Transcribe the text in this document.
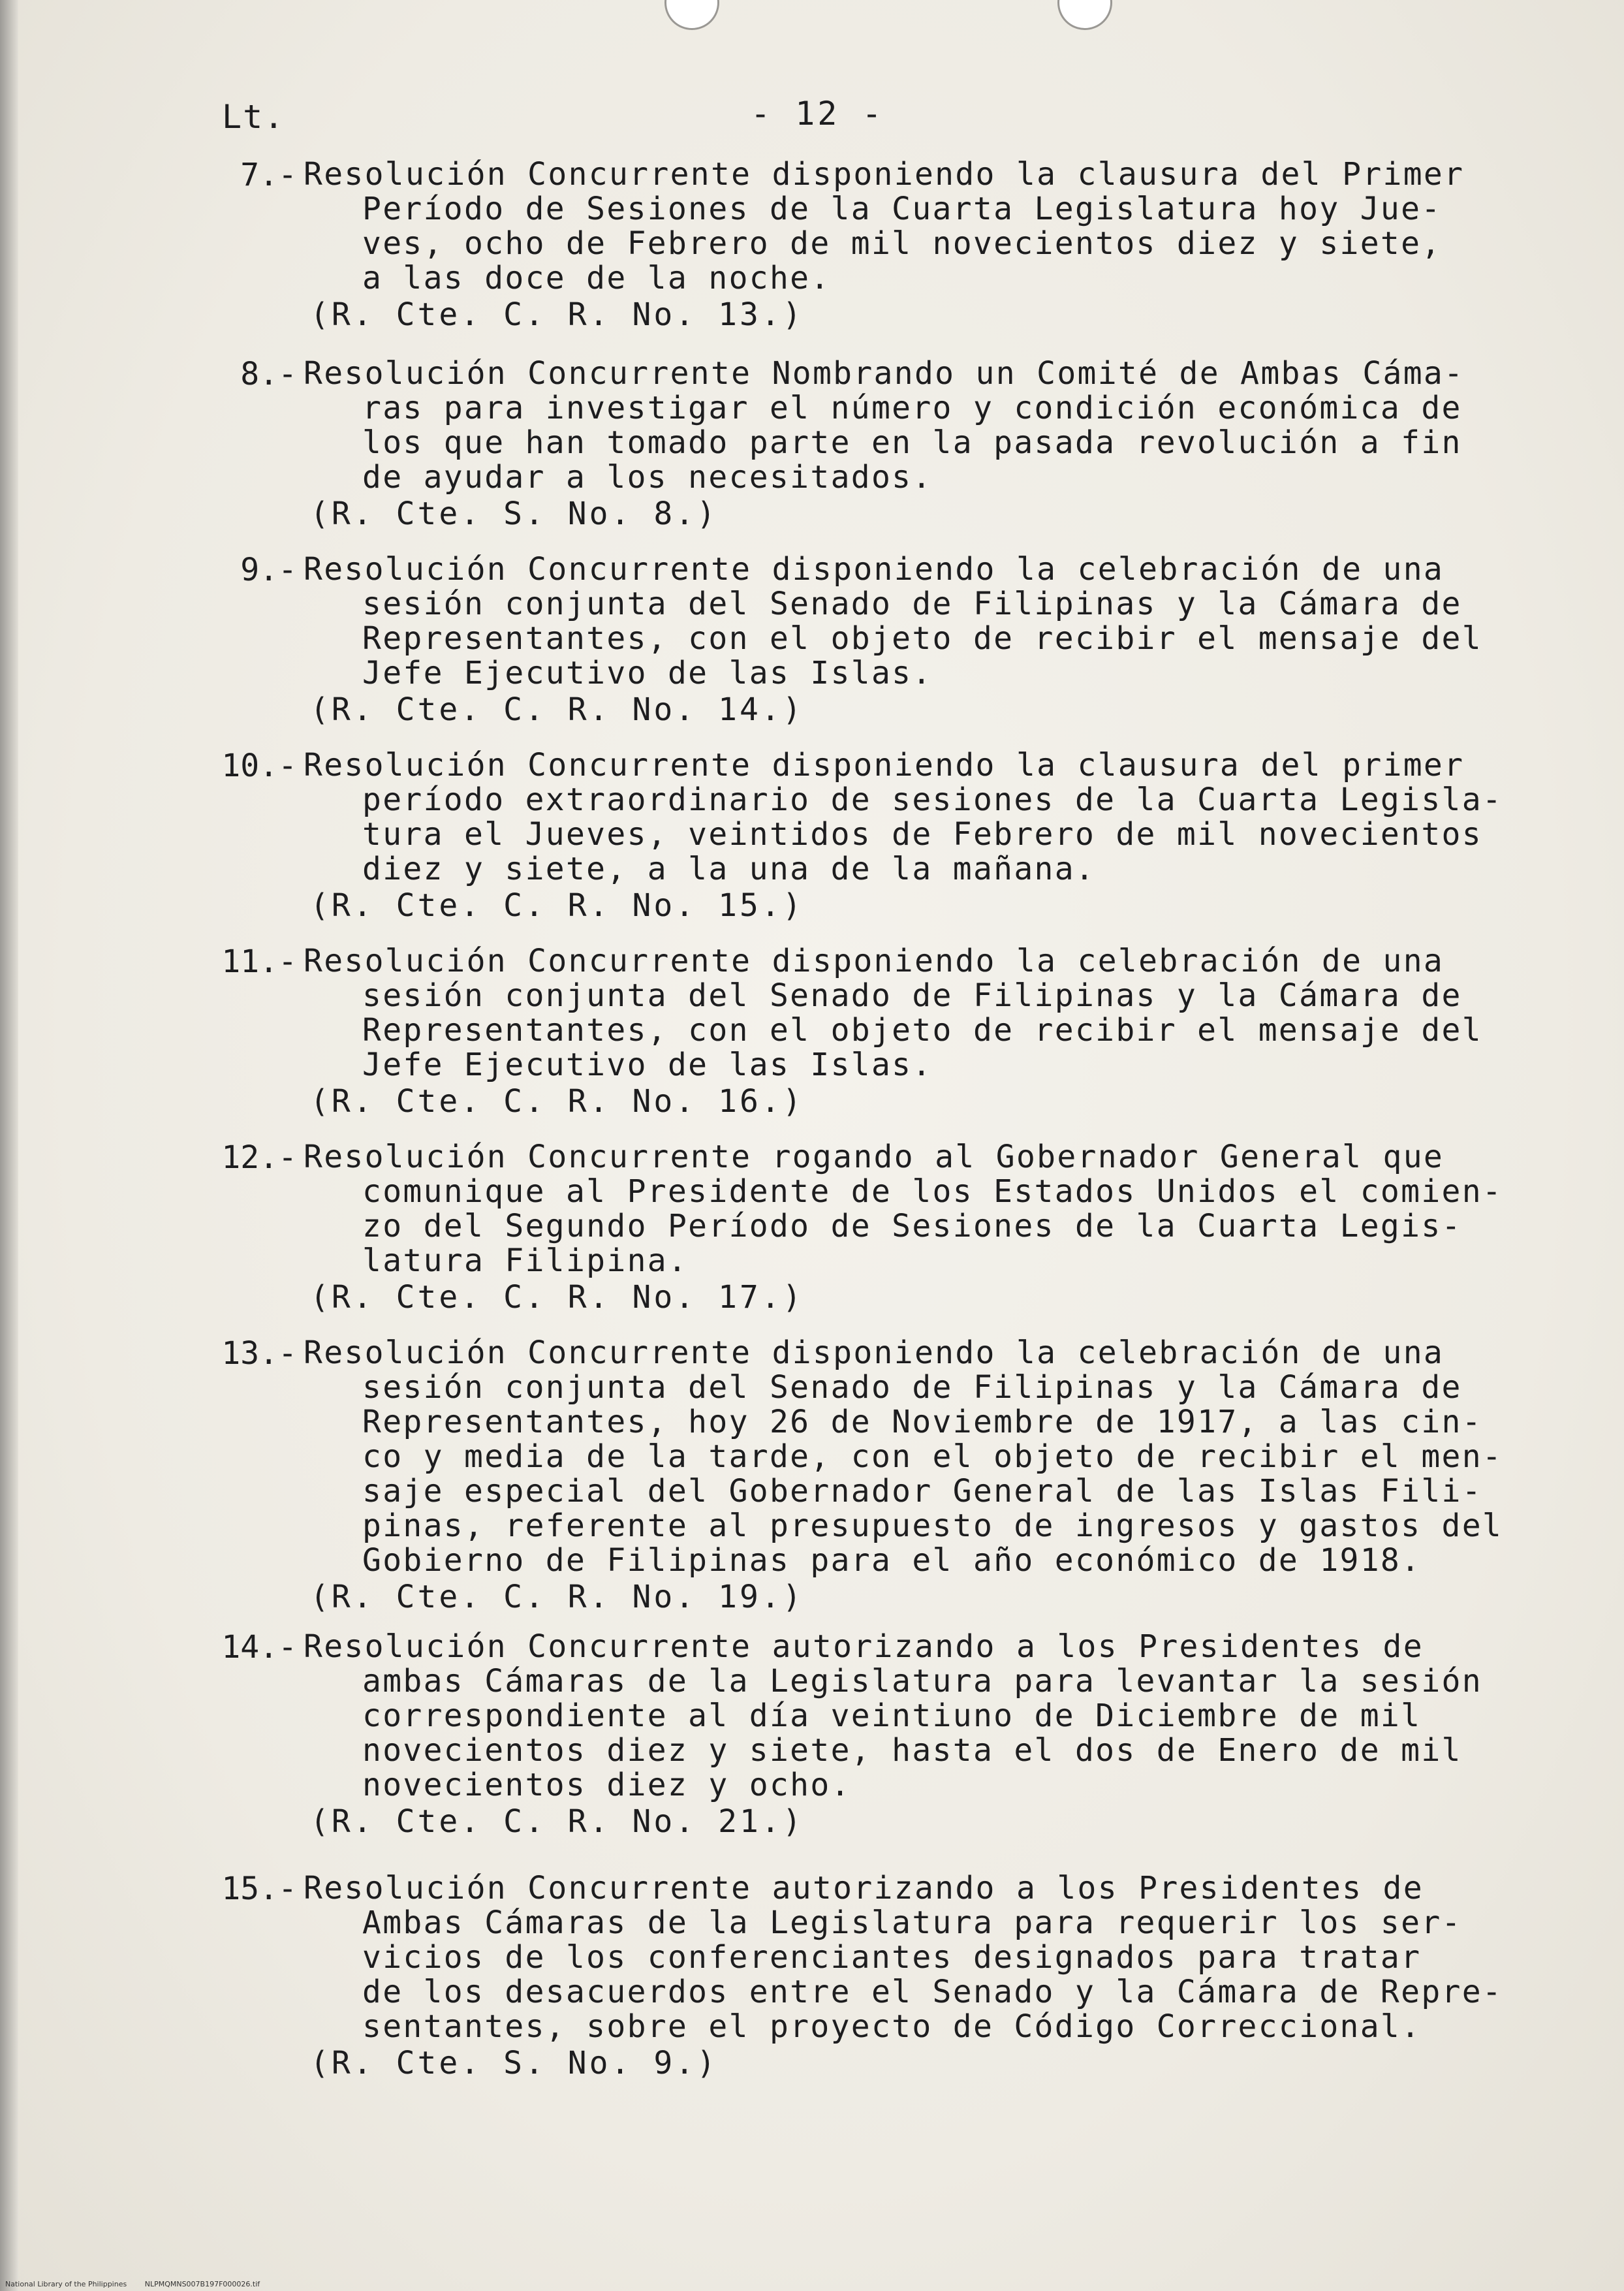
Lt.	- 12 -
7.- Resolución Concurrente disponiendo la clausura del Primer
Período de Sesiones de la Cuarta Legislatura hoy Jue-
ves, ocho de Febrero de mil novecientos diez y siete,
a las doce de la noche.
(R. Cte. C. R. No. 13.)
8.- Resolución Concurrente Nombrando un Comité de Ambas Cáma-
ras para investigar el número y condición económica de
los que han tomado parte en la pasada revolución a fin
de ayudar a los necesitados.
(R. Cte. S. No. 8.)
9.- Resolución Concurrente disponiendo la celebración de una
sesión conjunta del Senado de Filipinas y la Cámara de
Representantes, con el objeto de recibir el mensaje del
Jefe Ejecutivo de las Islas.
(R. Cte. C. R. No. 14.)
10.- Resolución Concurrente disponiendo la clausura del primer
período extraordinario de sesiones de la Cuarta Legisla-
tura el Jueves, veintidos de Febrero de mil novecientos
diez y siete, a la una de la mañana.
(R. Cte. C. R. No. 15.)
11.- Resolución Concurrente disponiendo la celebración de una
sesión conjunta del Senado de Filipinas y la Cámara de
Representantes, con el objeto de recibir el mensaje del
Jefe Ejecutivo de las Islas.
(R. Cte. C. R. No. 16.)
12.- Resolución Concurrente rogando al Gobernador General que
comunique al Presidente de los Estados Unidos el comien-
zo del Segundo Período de Sesiones de la Cuarta Legis-
latura Filipina.
(R. Cte. C. R. No. 17.)
13.- Resolución Concurrente disponiendo la celebración de una
sesión conjunta del Senado de Filipinas y la Cámara de
Representantes, hoy 26 de Noviembre de 1917, a las cin-
co y media de la tarde, con el objeto de recibir el men-
saje especial del Gobernador General de las Islas Fili-
pinas, referente al presupuesto de ingresos y gastos del
Gobierno de Filipinas para el año económico de 1918.
(R. Cte. C. R. No. 19.)
14.- Resolución Concurrente autorizando a los Presidentes de
ambas Cámaras de la Legislatura para levantar la sesión
correspondiente al día veintiuno de Diciembre de mil
novecientos diez y siete, hasta el dos de Enero de mil
novecientos diez y ocho.
(R. Cte. C. R. No. 21.)
15.- Resolución Concurrente autorizando a los Presidentes de
Ambas Cámaras de la Legislatura para requerir los ser-
vicios de los conferenciantes designados para tratar
de los desacuerdos entre el Senado y la Cámara de Repre-
sentantes, sobre el proyecto de Código Correccional.
(R. Cte. S. No. 9.)
National Library of the Philippines	NLPMQMNS007B197F000026.tif
